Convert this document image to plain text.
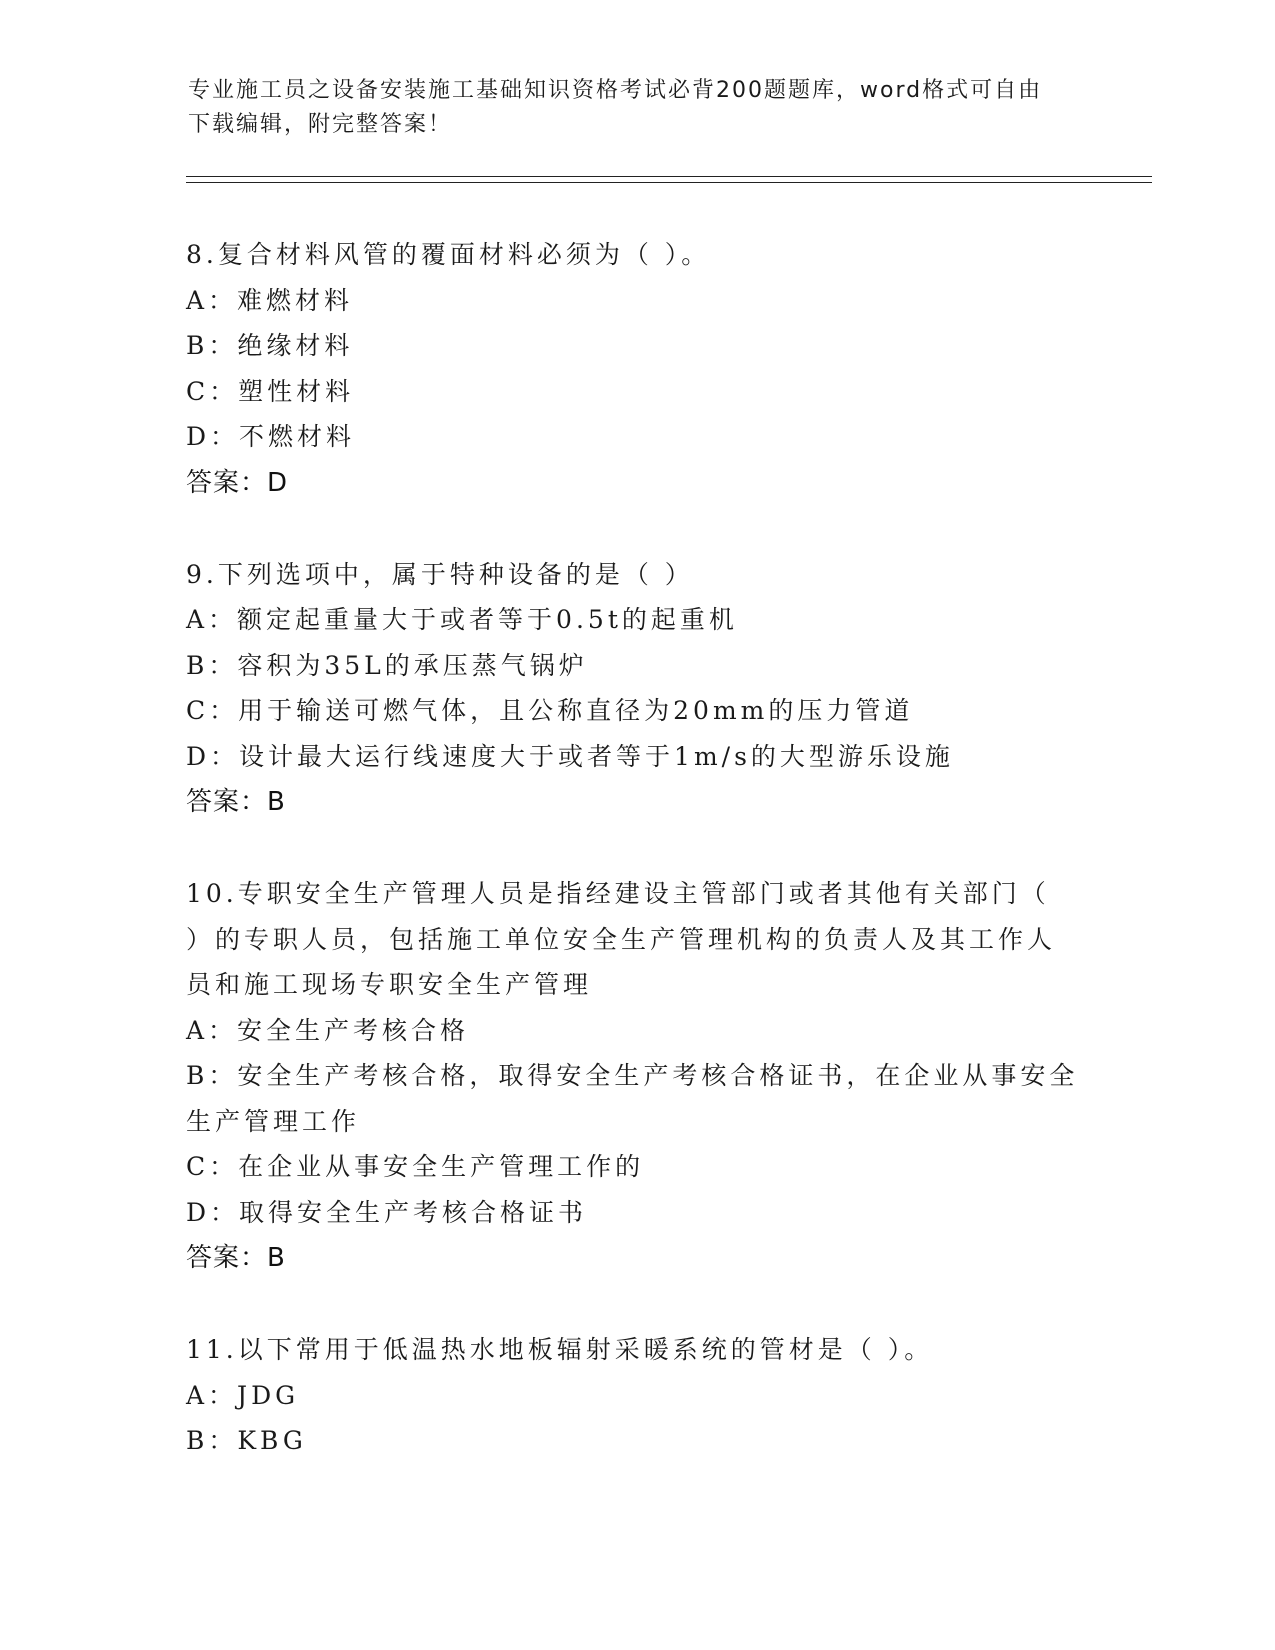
专业施工员之设备安装施工基础知识资格考试必背200题题库，word格式可自由
下载编辑，附完整答案！
8.复合材料风管的覆面材料必须为（ ）。
A：难燃材料
B：绝缘材料
C：塑性材料
D：不燃材料
答案：D
9.下列选项中，属于特种设备的是（ ）
A：额定起重量大于或者等于0.5t的起重机
B：容积为35L的承压蒸气锅炉
C：用于输送可燃气体，且公称直径为20mm的压力管道
D：设计最大运行线速度大于或者等于1m/s的大型游乐设施
答案：B
10.专职安全生产管理人员是指经建设主管部门或者其他有关部门（
）的专职人员，包括施工单位安全生产管理机构的负责人及其工作人
员和施工现场专职安全生产管理
A：安全生产考核合格
B：安全生产考核合格，取得安全生产考核合格证书，在企业从事安全
生产管理工作
C：在企业从事安全生产管理工作的
D：取得安全生产考核合格证书
答案：B
11.以下常用于低温热水地板辐射采暖系统的管材是（ ）。
A：JDG
B：KBG
